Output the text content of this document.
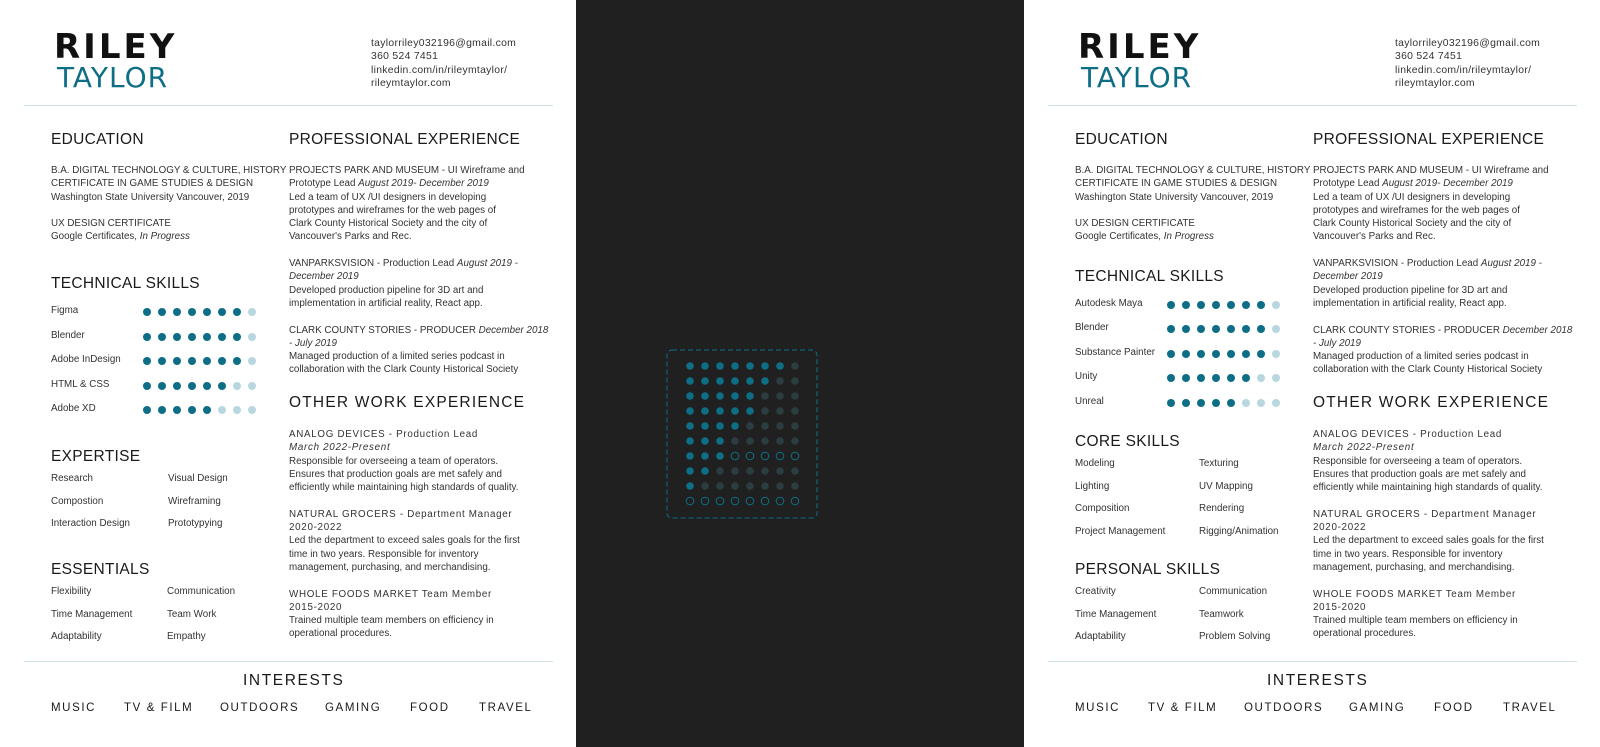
RILEY
TAYLOR
taylorriley032196@gmail.com
360 524 7451
linkedin.com/in/rileymtaylor/
rileymtaylor.com
EDUCATION
B.A. DIGITAL TECHNOLOGY & CULTURE, HISTORY
CERTIFICATE IN GAME STUDIES & DESIGN
Washington State University Vancouver, 2019
UX DESIGN CERTIFICATE
Google Certificates, In Progress
TECHNICAL SKILLS
Figma
Blender
Adobe InDesign
HTML & CSS
Adobe XD
EXPERTISE
Research	Visual Design
Compostion	Wireframing
Interaction Design	Prototypying
ESSENTIALS
Flexibility	Communication
Time Management	Team Work
Adaptability	Empathy
PROFESSIONAL EXPERIENCE
PROJECTS PARK AND MUSEUM - UI Wireframe and
Prototype Lead August 2019- December 2019
Led a team of UX /UI designers in developing
prototypes and wireframes for the web pages of
Clark County Historical Society and the city of
Vancouver's Parks and Rec.
VANPARKSVISION - Production Lead August 2019 -
December 2019
Developed production pipeline for 3D art and
implementation in artificial reality, React app.
CLARK COUNTY STORIES - PRODUCER December 2018
- July 2019
Managed production of a limited series podcast in
collaboration with the Clark County Historical Society
OTHER WORK EXPERIENCE
ANALOG DEVICES - Production Lead
March 2022-Present
Responsible for overseeing a team of operators.
Ensures that production goals are met safely and
efficiently while maintaining high standards of quality.
NATURAL GROCERS - Department Manager
2020-2022
Led the department to exceed sales goals for the first
time in two years. Responsible for inventory
management, purchasing, and merchandising.
WHOLE FOODS MARKET Team Member
2015-2020
Trained multiple team members on efficiency in
operational procedures.
INTERESTS
MUSIC TV & FILM OUTDOORS GAMING	FOOD	TRAVEL
RILEY
TAYLOR
taylorriley032196@gmail.com
360 524 7451
linkedin.com/in/rileymtaylor/
rileymtaylor.com
EDUCATION
B.A. DIGITAL TECHNOLOGY & CULTURE, HISTORY
CERTIFICATE IN GAME STUDIES & DESIGN
Washington State University Vancouver, 2019
UX DESIGN CERTIFICATE
Google Certificates, In Progress
TECHNICAL SKILLS
Autodesk Maya
Blender
Substance Painter
Unity
Unreal
CORE SKILLS
Modeling	Texturing
Lighting	UV Mapping
Composition	Rendering
Project Management	Rigging/Animation
PERSONAL SKILLS
Creativity	Communication
Time Management	Teamwork
Adaptability	Problem Solving
PROFESSIONAL EXPERIENCE
PROJECTS PARK AND MUSEUM - UI Wireframe and
Prototype Lead August 2019- December 2019
Led a team of UX /UI designers in developing
prototypes and wireframes for the web pages of
Clark County Historical Society and the city of
Vancouver's Parks and Rec.
VANPARKSVISION - Production Lead August 2019 -
December 2019
Developed production pipeline for 3D art and
implementation in artificial reality, React app.
CLARK COUNTY STORIES - PRODUCER December 2018
- July 2019
Managed production of a limited series podcast in
collaboration with the Clark County Historical Society
OTHER WORK EXPERIENCE
ANALOG DEVICES - Production Lead
March 2022-Present
Responsible for overseeing a team of operators.
Ensures that production goals are met safely and
efficiently while maintaining high standards of quality.
NATURAL GROCERS - Department Manager
2020-2022
Led the department to exceed sales goals for the first
time in two years. Responsible for inventory
management, purchasing, and merchandising.
WHOLE FOODS MARKET Team Member
2015-2020
Trained multiple team members on efficiency in
operational procedures.
INTERESTS
MUSIC TV & FILM OUTDOORS GAMING	FOOD	TRAVEL
